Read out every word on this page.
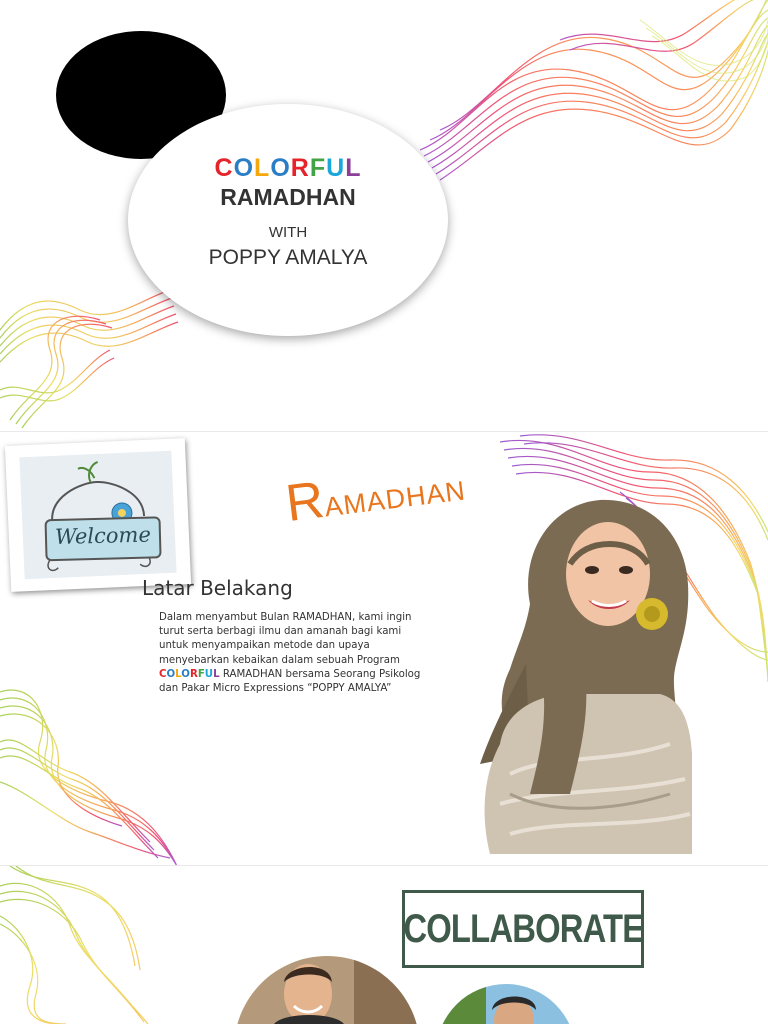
COLORFUL
RAMADHAN
WITH
POPPY AMALYA
Welcome
RAMADHAN
Latar Belakang
Dalam menyambut Bulan RAMADHAN, kami ingin turut serta berbagi ilmu dan amanah bagi kami untuk menyampaikan metode dan upaya menyebarkan kebaikan dalam sebuah Program
COLORFUL RAMADHAN bersama Seorang Psikolog dan Pakar Micro Expressions “POPPY AMALYA”
COLLABORATE
